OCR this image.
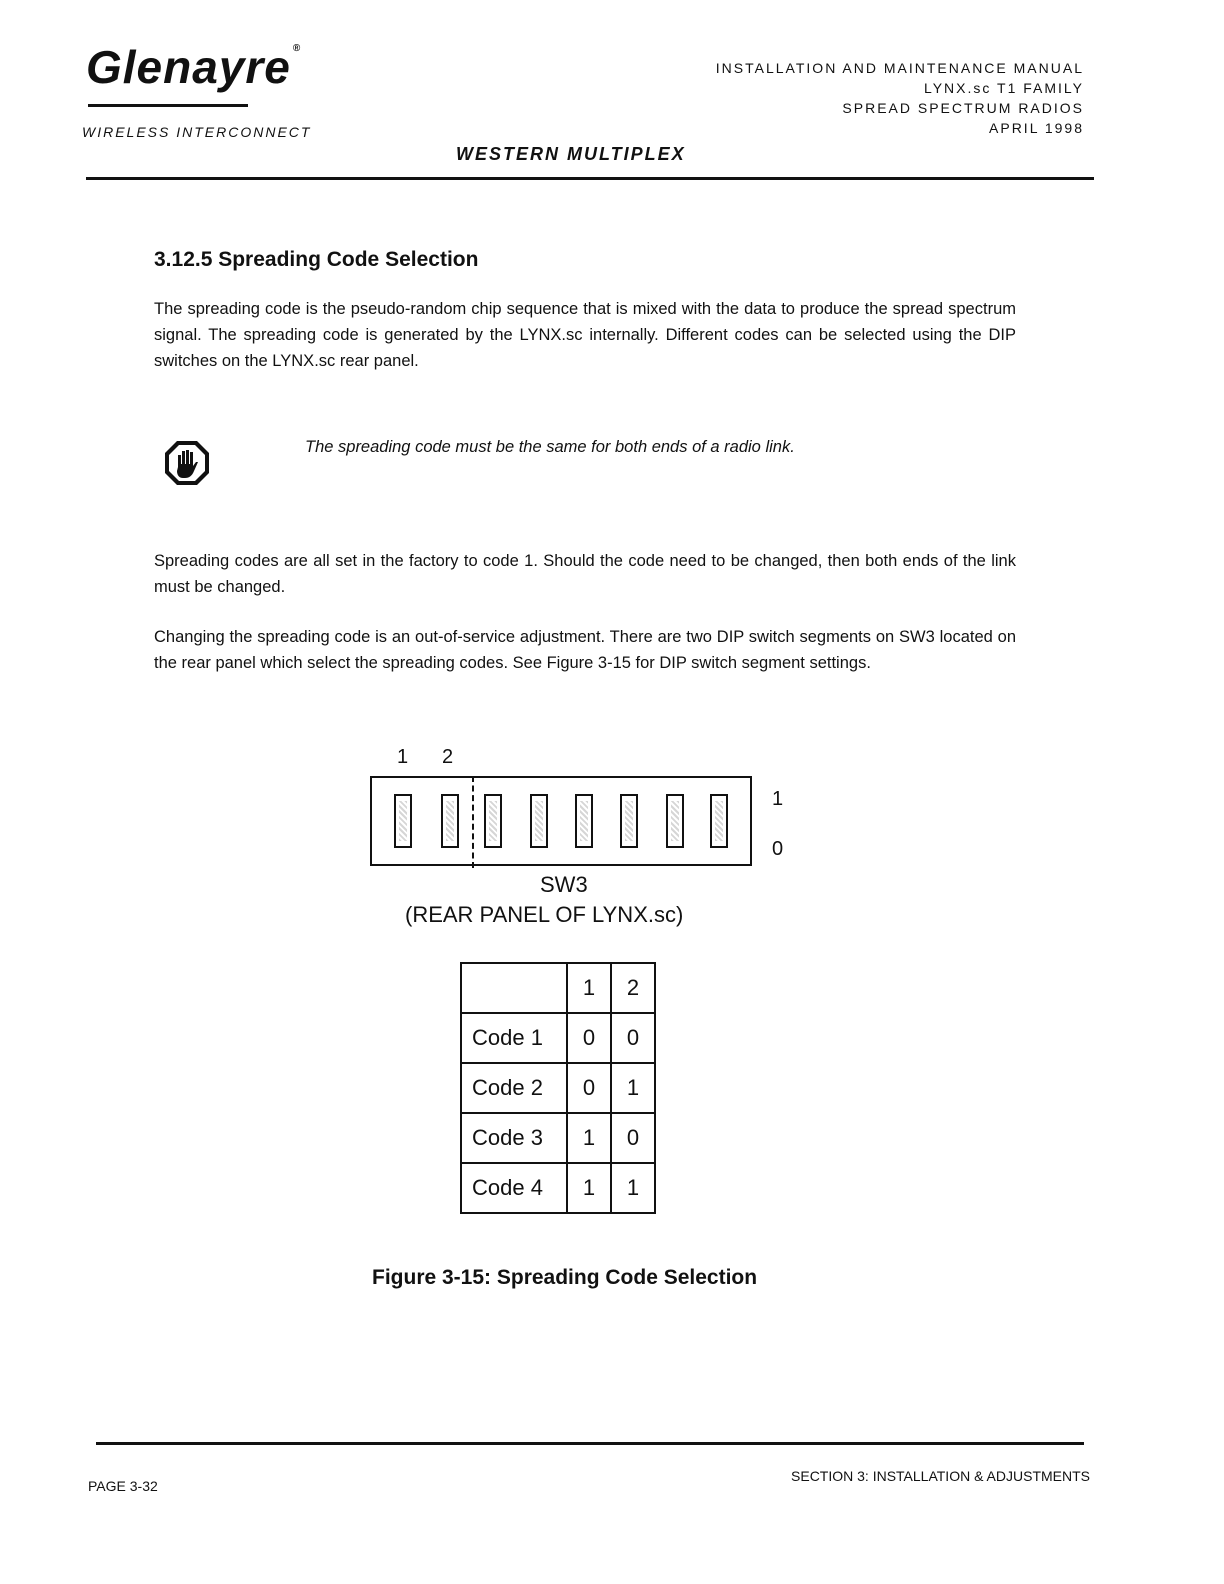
Glenayre ®
WIRELESS INTERCONNECT
INSTALLATION AND MAINTENANCE MANUAL
LYNX.sc T1 FAMILY
SPREAD SPECTRUM RADIOS
APRIL 1998
WESTERN MULTIPLEX
3.12.5 Spreading Code Selection
The spreading code is the pseudo-random chip sequence that is mixed with the data to produce the spread spectrum signal. The spreading code is generated by the LYNX.sc internally. Different codes can be selected using the DIP switches on the LYNX.sc rear panel.
The spreading code must be the same for both ends of a radio link.
Spreading codes are all set in the factory to code 1. Should the code need to be changed, then both ends of the link must be changed.
Changing the spreading code is an out-of-service adjustment. There are two DIP switch segments on SW3 located on the rear panel which select the spreading codes. See Figure 3-15 for DIP switch segment settings.
1 2
1
0
SW3
(REAR PANEL OF LYNX.sc)
	1	2
Code 1	0	0
Code 2	0	1
Code 3	1	0
Code 4	1	1
Figure 3-15: Spreading Code Selection
PAGE 3-32
SECTION 3: INSTALLATION & ADJUSTMENTS
